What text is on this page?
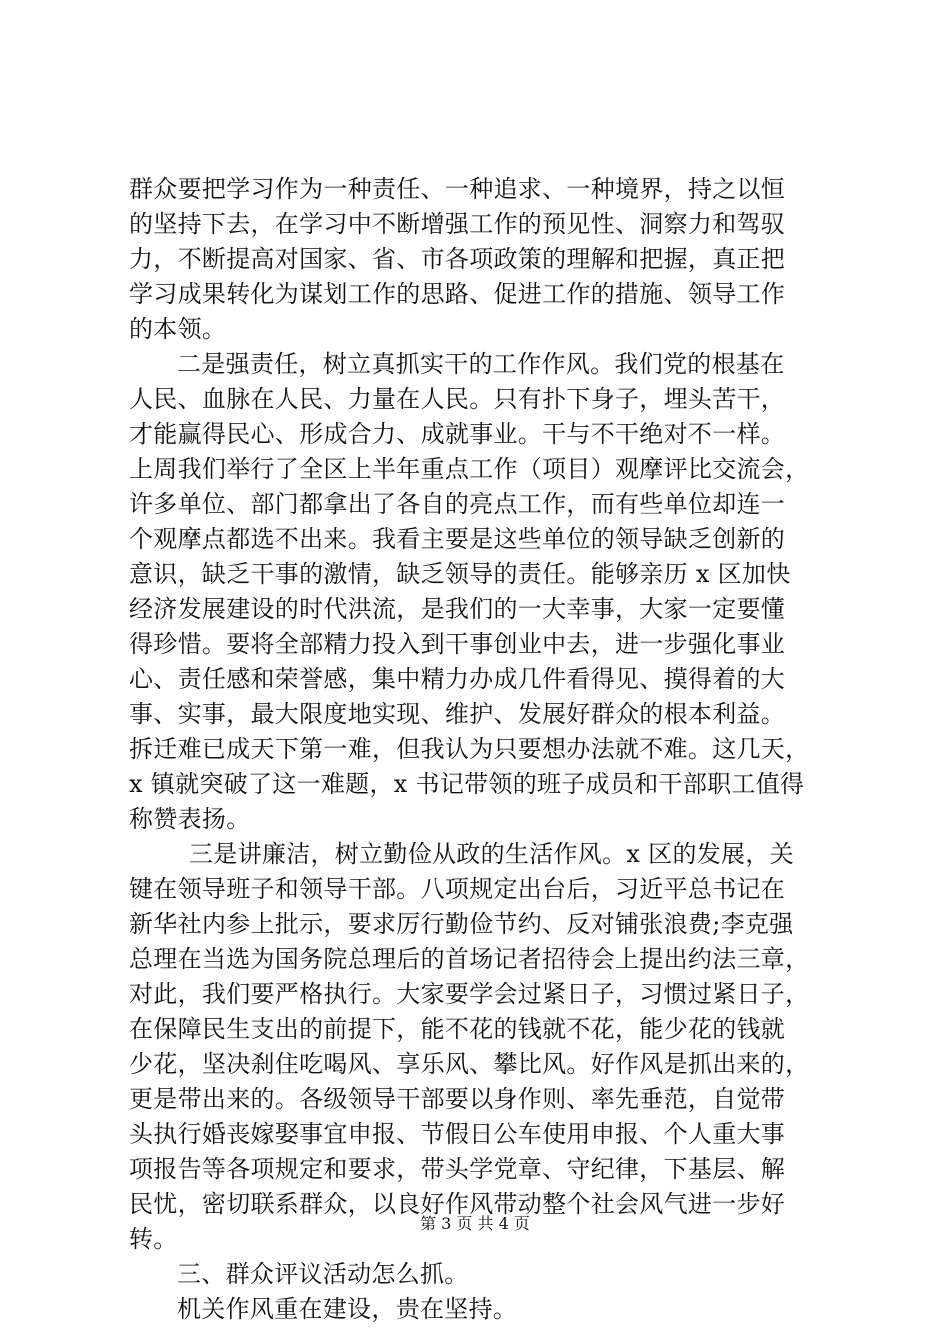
群众要把学习作为一种责任、一种追求、一种境界，持之以恒
的坚持下去，在学习中不断增强工作的预见性、洞察力和驾驭
力，不断提高对国家、省、市各项政策的理解和把握，真正把
学习成果转化为谋划工作的思路、促进工作的措施、领导工作
的本领。
二是强责任，树立真抓实干的工作作风。我们党的根基在
人民、血脉在人民、力量在人民。只有扑下身子，埋头苦干，
才能赢得民心、形成合力、成就事业。干与不干绝对不一样。
上周我们举行了全区上半年重点工作（项目）观摩评比交流会，
许多单位、部门都拿出了各自的亮点工作，而有些单位却连一
个观摩点都选不出来。我看主要是这些单位的领导缺乏创新的
意识，缺乏干事的激情，缺乏领导的责任。能够亲历 x 区加快
经济发展建设的时代洪流，是我们的一大幸事，大家一定要懂
得珍惜。要将全部精力投入到干事创业中去，进一步强化事业
心、责任感和荣誉感，集中精力办成几件看得见、摸得着的大
事、实事，最大限度地实现、维护、发展好群众的根本利益。
拆迁难已成天下第一难，但我认为只要想办法就不难。这几天，
x 镇就突破了这一难题，x 书记带领的班子成员和干部职工值得
称赞表扬。
三是讲廉洁，树立勤俭从政的生活作风。x 区的发展，关
键在领导班子和领导干部。八项规定出台后，习近平总书记在
新华社内参上批示，要求厉行勤俭节约、反对铺张浪费;李克强
总理在当选为国务院总理后的首场记者招待会上提出约法三章，
对此，我们要严格执行。大家要学会过紧日子，习惯过紧日子，
在保障民生支出的前提下，能不花的钱就不花，能少花的钱就
少花，坚决刹住吃喝风、享乐风、攀比风。好作风是抓出来的，
更是带出来的。各级领导干部要以身作则、率先垂范，自觉带
头执行婚丧嫁娶事宜申报、节假日公车使用申报、个人重大事
项报告等各项规定和要求，带头学党章、守纪律，下基层、解
民忧，密切联系群众，以良好作风带动整个社会风气进一步好
转。
三、群众评议活动怎么抓。
机关作风重在建设，贵在坚持。
第 3 页 共 4 页
